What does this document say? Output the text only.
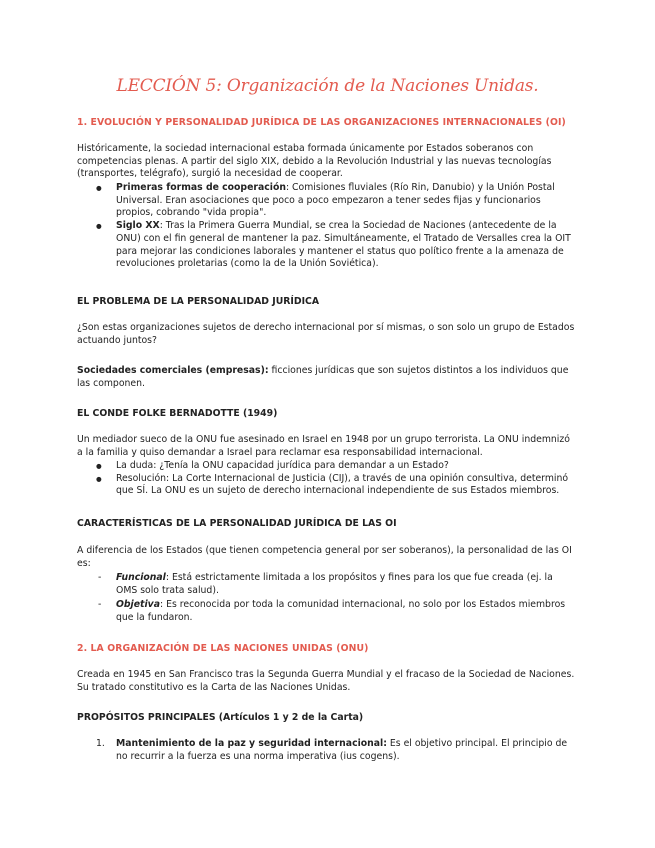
LECCIÓN 5: Organización de la Naciones Unidas.
1. EVOLUCIÓN Y PERSONALIDAD JURÍDICA DE LAS ORGANIZACIONES INTERNACIONALES (OI)
Históricamente, la sociedad internacional estaba formada únicamente por Estados soberanos con competencias plenas. A partir del siglo XIX, debido a la Revolución Industrial y las nuevas tecnologías (transportes, telégrafo), surgió la necesidad de cooperar.
● Primeras formas de cooperación: Comisiones fluviales (Río Rin, Danubio) y la Unión Postal Universal. Eran asociaciones que poco a poco empezaron a tener sedes fijas y funcionarios propios, cobrando "vida propia".
● Siglo XX: Tras la Primera Guerra Mundial, se crea la Sociedad de Naciones (antecedente de la ONU) con el fin general de mantener la paz. Simultáneamente, el Tratado de Versalles crea la OIT para mejorar las condiciones laborales y mantener el status quo político frente a la amenaza de revoluciones proletarias (como la de la Unión Soviética).
EL PROBLEMA DE LA PERSONALIDAD JURÍDICA
¿Son estas organizaciones sujetos de derecho internacional por sí mismas, o son solo un grupo de Estados actuando juntos?
Sociedades comerciales (empresas): ficciones jurídicas que son sujetos distintos a los individuos que las componen.
EL CONDE FOLKE BERNADOTTE (1949)
Un mediador sueco de la ONU fue asesinado en Israel en 1948 por un grupo terrorista. La ONU indemnizó a la familia y quiso demandar a Israel para reclamar esa responsabilidad internacional.
● La duda: ¿Tenía la ONU capacidad jurídica para demandar a un Estado?
● Resolución: La Corte Internacional de Justicia (CIJ), a través de una opinión consultiva, determinó que SÍ. La ONU es un sujeto de derecho internacional independiente de sus Estados miembros.
CARACTERÍSTICAS DE LA PERSONALIDAD JURÍDICA DE LAS OI
A diferencia de los Estados (que tienen competencia general por ser soberanos), la personalidad de las OI es:
- Funcional: Está estrictamente limitada a los propósitos y fines para los que fue creada (ej. la OMS solo trata salud).
- Objetiva: Es reconocida por toda la comunidad internacional, no solo por los Estados miembros que la fundaron.
2. LA ORGANIZACIÓN DE LAS NACIONES UNIDAS (ONU)
Creada en 1945 en San Francisco tras la Segunda Guerra Mundial y el fracaso de la Sociedad de Naciones. Su tratado constitutivo es la Carta de las Naciones Unidas.
PROPÓSITOS PRINCIPALES (Artículos 1 y 2 de la Carta)
1. Mantenimiento de la paz y seguridad internacional: Es el objetivo principal. El principio de no recurrir a la fuerza es una norma imperativa (ius cogens).
